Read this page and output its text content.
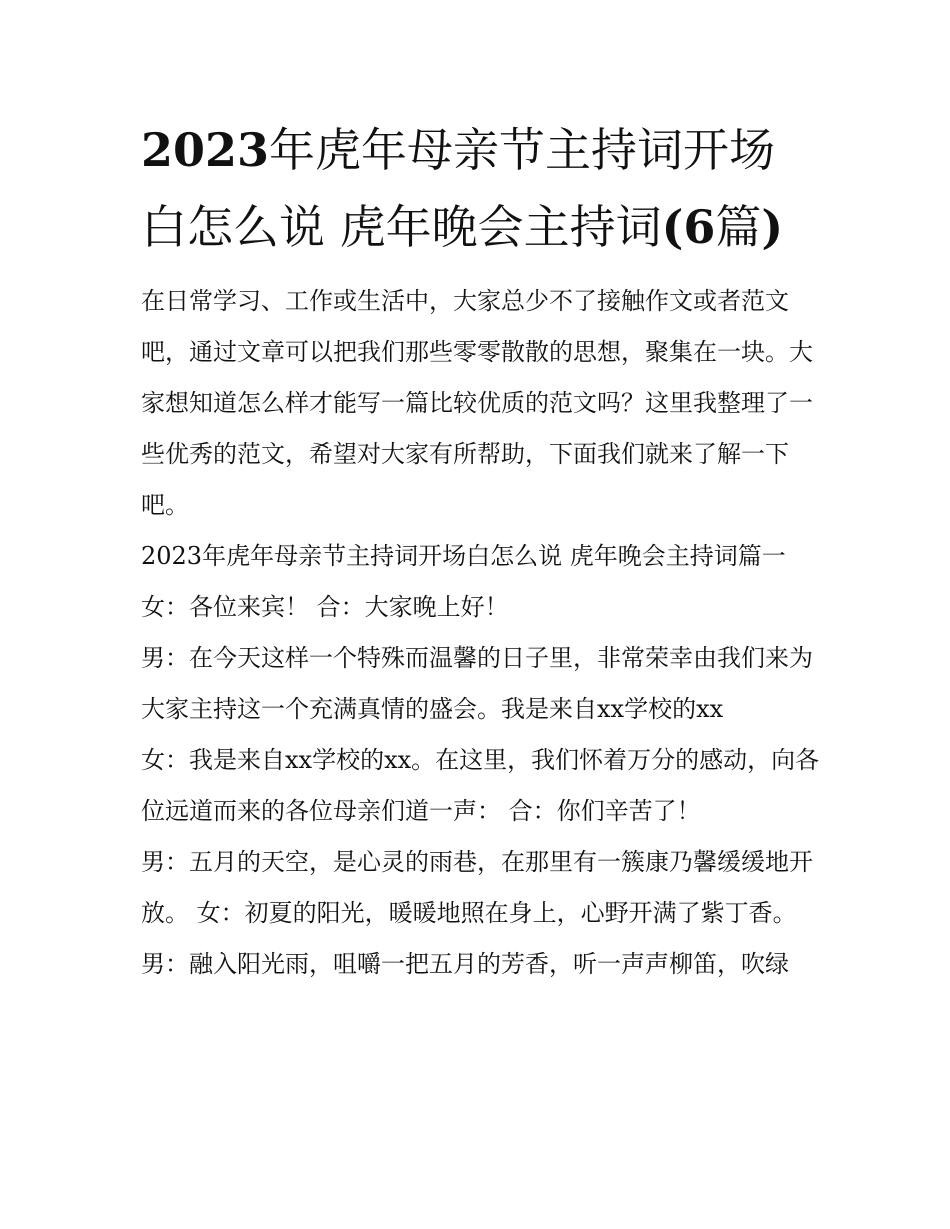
2023年虎年母亲节主持词开场白怎么说 虎年晚会主持词(6篇)

在日常学习、工作或生活中，大家总少不了接触作文或者范文吧，通过文章可以把我们那些零零散散的思想，聚集在一块。大家想知道怎么样才能写一篇比较优质的范文吗？这里我整理了一些优秀的范文，希望对大家有所帮助，下面我们就来了解一下吧。

2023年虎年母亲节主持词开场白怎么说 虎年晚会主持词篇一

女：各位来宾！ 合：大家晚上好！

男：在今天这样一个特殊而温馨的日子里，非常荣幸由我们来为大家主持这一个充满真情的盛会。我是来自xx学校的xx

女：我是来自xx学校的xx。在这里，我们怀着万分的感动，向各位远道而来的各位母亲们道一声： 合：你们辛苦了！

男：五月的天空，是心灵的雨巷，在那里有一簇康乃馨缓缓地开放。 女：初夏的阳光，暖暖地照在身上，心野开满了紫丁香。

男：融入阳光雨，咀嚼一把五月的芳香，听一声声柳笛，吹绿
